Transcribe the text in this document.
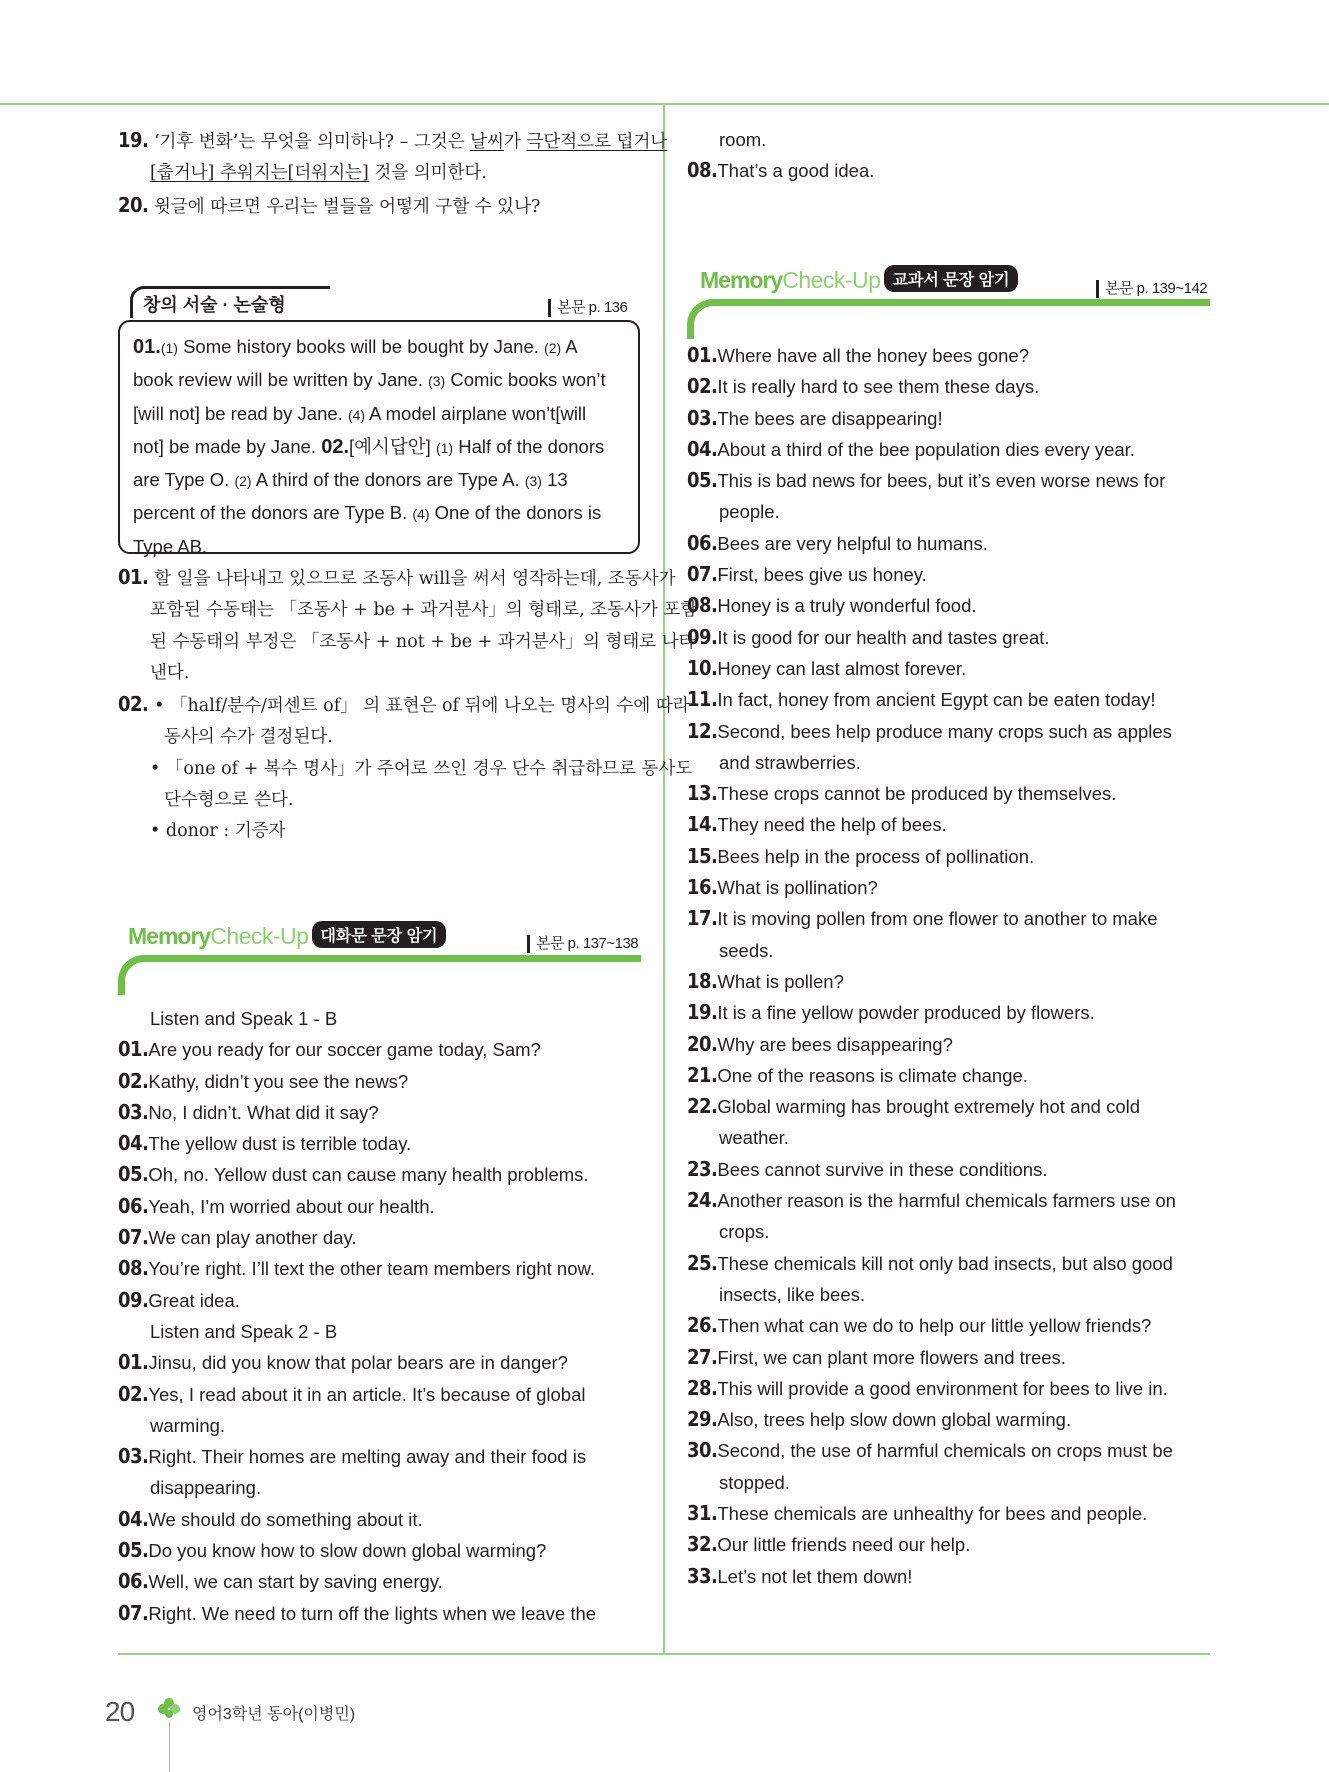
19. ‘기후 변화’는 무엇을 의미하나? – 그것은 날씨가 극단적으로 덥거나
[춥거나] 추워지는[더워지는] 것을 의미한다.
20. 윗글에 따르면 우리는 벌들을 어떻게 구할 수 있나?
창의 서술 · 논술형	본문 p. 136

01.(1) Some history books will be bought by Jane. (2) A

book review will be written by Jane. (3) Comic books won’t

[will not] be read by Jane. (4) A model airplane won’t[will

not] be made by Jane. 02.[예시답안] (1) Half of the donors

are Type O. (2) A third of the donors are Type A. (3) 13

percent of the donors are Type B. (4) One of the donors is

Type AB.

01. 할 일을 나타내고 있으므로 조동사 will을 써서 영작하는데, 조동사가
포함된 수동태는 「조동사 + be + 과거분사」의 형태로, 조동사가 포함
된 수동태의 부정은 「조동사 + not + be + 과거분사」의 형태로 나타
낸다.
02. • 「half/분수/퍼센트 of」 의 표현은 of 뒤에 나오는 명사의 수에 따라
동사의 수가 결정된다.
• 「one of + 복수 명사」가 주어로 쓰인 경우 단수 취급하므로 동사도
단수형으로 쓴다.
• donor : 기증자
MemoryCheck-Up 대화문 문장 암기	본문 p. 137~138
Listen and Speak 1 - B
01. Are you ready for our soccer game today, Sam?
02. Kathy, didn’t you see the news?
03. No, I didn’t. What did it say?
04. The yellow dust is terrible today.
05. Oh, no. Yellow dust can cause many health problems.
06. Yeah, I’m worried about our health.
07. We can play another day.
08. You’re right. I’ll text the other team members right now.
09. Great idea.
Listen and Speak 2 - B
01. Jinsu, did you know that polar bears are in danger?
02. Yes, I read about it in an article. It’s because of global
warming.
03. Right. Their homes are melting away and their food is
disappearing.
04. We should do something about it.
05. Do you know how to slow down global warming?
06. Well, we can start by saving energy.
07. Right. We need to turn off the lights when we leave the
room.
08. That’s a good idea.
MemoryCheck-Up 교과서 문장 암기	본문 p. 139~142
01. Where have all the honey bees gone?
02. It is really hard to see them these days.
03. The bees are disappearing!
04. About a third of the bee population dies every year.
05. This is bad news for bees, but it’s even worse news for
people.
06. Bees are very helpful to humans.
07. First, bees give us honey.
08. Honey is a truly wonderful food.
09. It is good for our health and tastes great.
10. Honey can last almost forever.
11. In fact, honey from ancient Egypt can be eaten today!
12. Second, bees help produce many crops such as apples
and strawberries.
13. These crops cannot be produced by themselves.
14. They need the help of bees.
15. Bees help in the process of pollination.
16. What is pollination?
17. It is moving pollen from one flower to another to make
seeds.
18. What is pollen?
19. It is a fine yellow powder produced by flowers.
20. Why are bees disappearing?
21. One of the reasons is climate change.
22. Global warming has brought extremely hot and cold
weather.
23. Bees cannot survive in these conditions.
24. Another reason is the harmful chemicals farmers use on
crops.
25. These chemicals kill not only bad insects, but also good
insects, like bees.
26. Then what can we do to help our little yellow friends?
27. First, we can plant more flowers and trees.
28. This will provide a good environment for bees to live in.
29. Also, trees help slow down global warming.
30. Second, the use of harmful chemicals on crops must be
stopped.
31. These chemicals are unhealthy for bees and people.
32. Our little friends need our help.
33. Let’s not let them down!
20	영어3학년 동아(이병민)
